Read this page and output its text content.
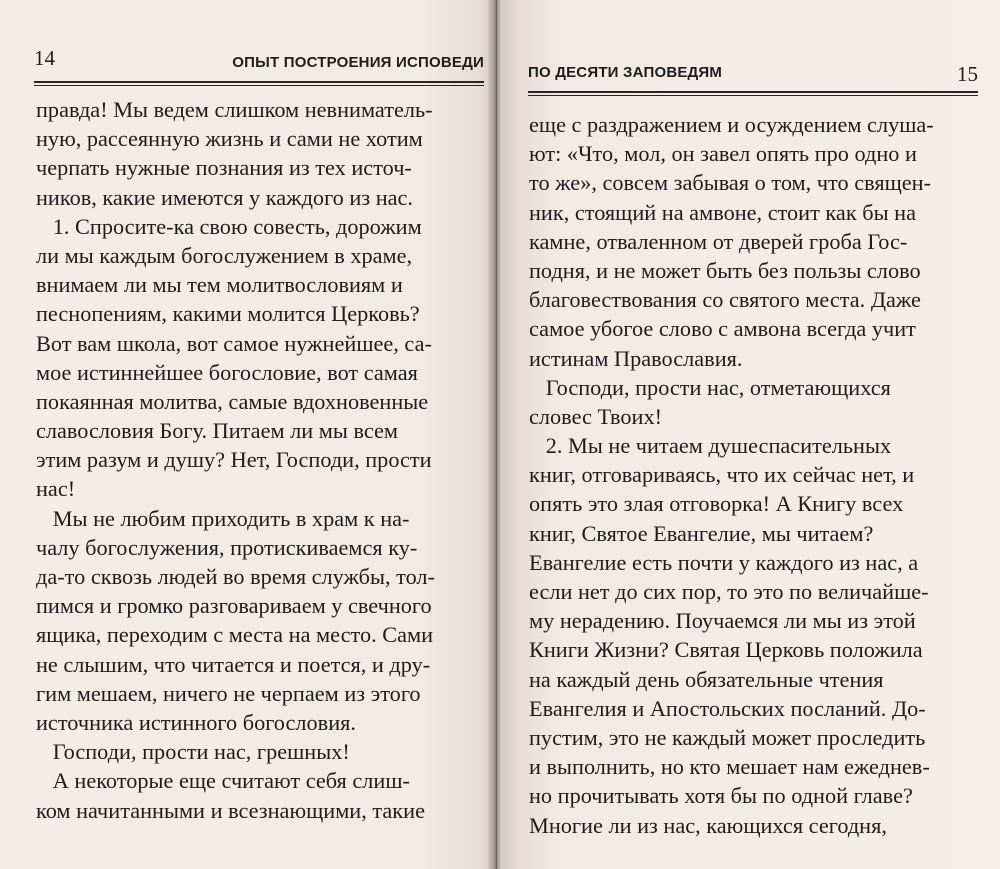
14	ОПЫТ ПОСТРОЕНИЯ ИСПОВЕДИ
правда! Мы ведем слишком невниматель-
ную, рассеянную жизнь и сами не хотим
черпать нужные познания из тех источ-
ников, какие имеются у каждого из нас.
1. Спросите-ка свою совесть, дорожим
ли мы каждым богослужением в храме,
внимаем ли мы тем молитвословиям и
песнопениям, какими молится Церковь?
Вот вам школа, вот самое нужнейшее, са-
мое истиннейшее богословие, вот самая
покаянная молитва, самые вдохновенные
славословия Богу. Питаем ли мы всем
этим разум и душу? Нет, Господи, прости
нас!
Мы не любим приходить в храм к на-
чалу богослужения, протискиваемся ку-
да-то сквозь людей во время службы, тол-
пимся и громко разговариваем у свечного
ящика, переходим с места на место. Сами
не слышим, что читается и поется, и дру-
гим мешаем, ничего не черпаем из этого
источника истинного богословия.
Господи, прости нас, грешных!
А некоторые еще считают себя слиш-
ком начитанными и всезнающими, такие
ПО ДЕСЯТИ ЗАПОВЕДЯМ	15
еще с раздражением и осуждением слуша-
ют: «Что, мол, он завел опять про одно и
то же», совсем забывая о том, что священ-
ник, стоящий на амвоне, стоит как бы на
камне, отваленном от дверей гроба Гос-
подня, и не может быть без пользы слово
благовествования со святого места. Даже
самое убогое слово с амвона всегда учит
истинам Православия.
Господи, прости нас, отметающихся
словес Твоих!
2. Мы не читаем душеспасительных
книг, отговариваясь, что их сейчас нет, и
опять это злая отговорка! А Книгу всех
книг, Святое Евангелие, мы читаем?
Евангелие есть почти у каждого из нас, а
если нет до сих пор, то это по величайше-
му нерадению. Поучаемся ли мы из этой
Книги Жизни? Святая Церковь положила
на каждый день обязательные чтения
Евангелия и Апостольских посланий. До-
пустим, это не каждый может проследить
и выполнить, но кто мешает нам ежеднев-
но прочитывать хотя бы по одной главе?
Многие ли из нас, кающихся сегодня,
